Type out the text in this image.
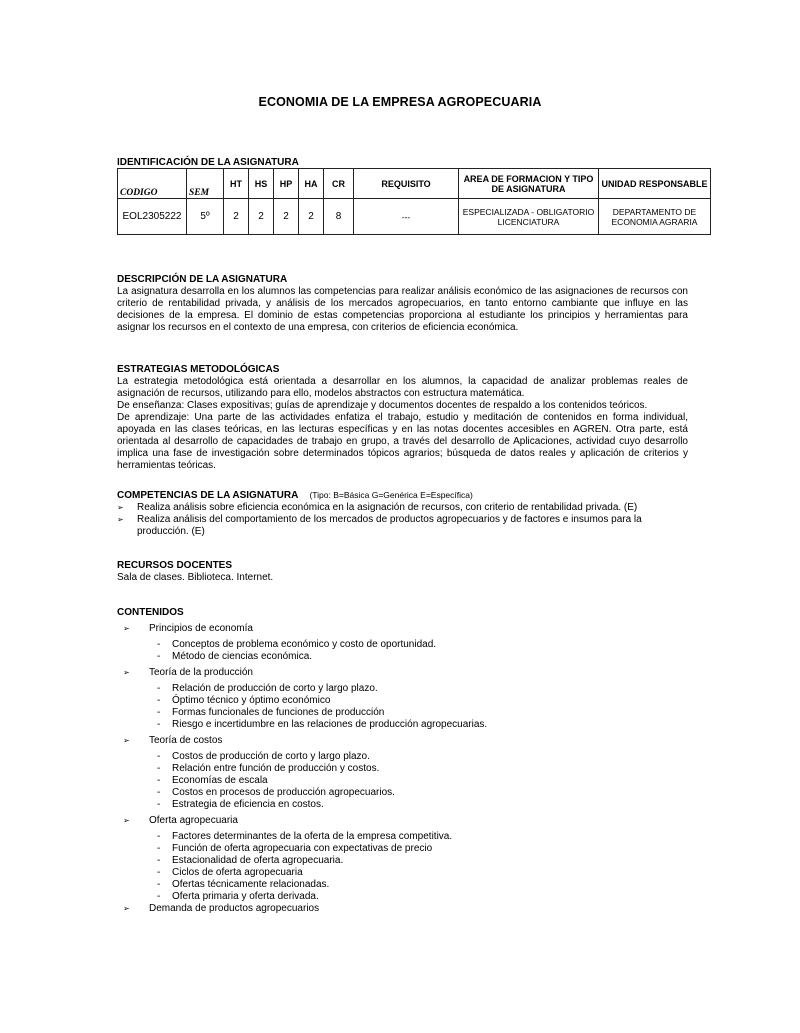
ECONOMIA DE LA EMPRESA AGROPECUARIA

IDENTIFICACIÓN DE LA ASIGNATURA

CODIGO	SEM	HT	HS	HP	HA	CR	REQUISITO	AREA DE FORMACION Y TIPO DE ASIGNATURA	UNIDAD RESPONSABLE
EOL2305222	5º	2	2	2	2	8	---	ESPECIALIZADA - OBLIGATORIO LICENCIATURA	DEPARTAMENTO DE ECONOMIA AGRARIA

DESCRIPCIÓN DE LA ASIGNATURA

La asignatura desarrolla en los alumnos las competencias para realizar análisis económico de las asignaciones de recursos con criterio de rentabilidad privada, y análisis de los mercados agropecuarios, en tanto entorno cambiante que influye en las decisiones de la empresa. El dominio de estas competencias proporciona al estudiante los principios y herramientas para asignar los recursos en el contexto de una empresa, con criterios de eficiencia económica.

ESTRATEGIAS METODOLÓGICAS

La estrategia metodológica está orientada a desarrollar en los alumnos, la capacidad de analizar problemas reales de asignación de recursos, utilizando para ello, modelos abstractos con estructura matemática.

De enseñanza: Clases expositivas; guías de aprendizaje y documentos docentes de respaldo a los contenidos teóricos.

De aprendizaje: Una parte de las actividades enfatiza el trabajo, estudio y meditación de contenidos en forma individual, apoyada en las clases teóricas, en las lecturas específicas y en las notas docentes accesibles en AGREN. Otra parte, está orientada al desarrollo de capacidades de trabajo en grupo, a través del desarrollo de Aplicaciones, actividad cuyo desarrollo implica una fase de investigación sobre determinados tópicos agrarios; búsqueda de datos reales y aplicación de criterios y herramientas teóricas.

COMPETENCIAS DE LA ASIGNATURA (Tipo: B=Básica G=Genérica E=Específica)

➢	Realiza análisis sobre eficiencia económica en la asignación de recursos, con criterio de rentabilidad privada. (E)
➢	Realiza análisis del comportamiento de los mercados de productos agropecuarios y de factores e insumos para la producción. (E)

RECURSOS DOCENTES

Sala de clases. Biblioteca. Internet.

CONTENIDOS

➢	Principios de economía
-	Conceptos de problema económico y costo de oportunidad.
-	Método de ciencias económica.
➢	Teoría de la producción
-	Relación de producción de corto y largo plazo.
-	Óptimo técnico y óptimo económico
-	Formas funcionales de funciones de producción
-	Riesgo e incertidumbre en las relaciones de producción agropecuarias.
➢	Teoría de costos
-	Costos de producción de corto y largo plazo.
-	Relación entre función de producción y costos.
-	Economías de escala
-	Costos en procesos de producción agropecuarios.
-	Estrategia de eficiencia en costos.
➢	Oferta agropecuaria
-	Factores determinantes de la oferta de la empresa competitiva.
-	Función de oferta agropecuaria con expectativas de precio
-	Estacionalidad de oferta agropecuaria.
-	Ciclos de oferta agropecuaria
-	Ofertas técnicamente relacionadas.
-	Oferta primaria y oferta derivada.
➢	Demanda de productos agropecuarios
